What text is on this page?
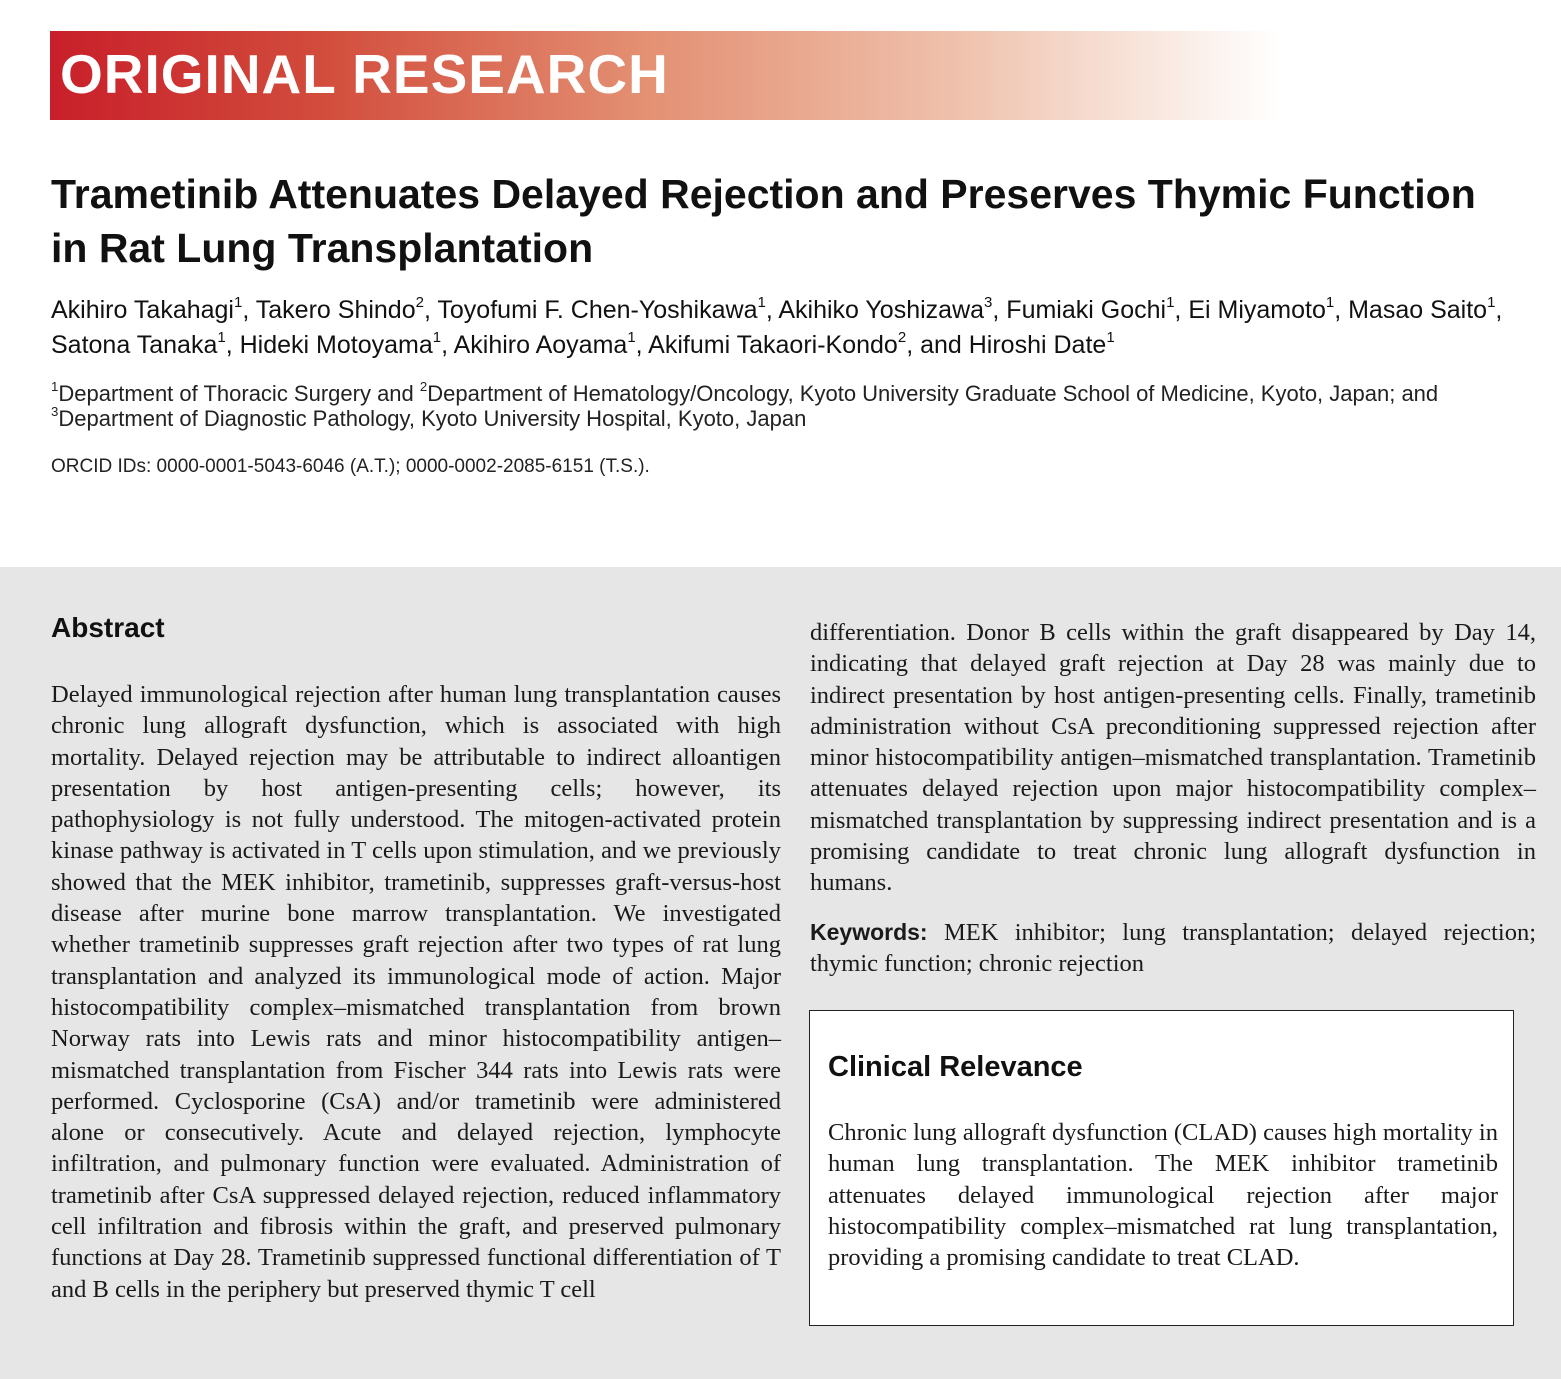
ORIGINAL RESEARCH
Trametinib Attenuates Delayed Rejection and Preserves Thymic Function in Rat Lung Transplantation
Akihiro Takahagi$^1$, Takero Shindo$^2$, Toyofumi F. Chen-Yoshikawa$^1$, Akihiko Yoshizawa$^3$, Fumiaki Gochi$^1$, Ei Miyamoto$^1$, Masao Saito$^1$, Satona Tanaka$^1$, Hideki Motoyama$^1$, Akihiro Aoyama$^1$, Akifumi Takaori-Kondo$^2$, and Hiroshi Date$^1$
$^1$Department of Thoracic Surgery and $^2$Department of Hematology/Oncology, Kyoto University Graduate School of Medicine, Kyoto, Japan; and $^3$Department of Diagnostic Pathology, Kyoto University Hospital, Kyoto, Japan
ORCID IDs: 0000-0001-5043-6046 (A.T.); 0000-0002-2085-6151 (T.S.).
Abstract

Delayed immunological rejection after human lung transplantation causes chronic lung allograft dysfunction, which is associated with high mortality. Delayed rejection may be attributable to indirect alloantigen presentation by host antigen-presenting cells; however, its pathophysiology is not fully understood. The mitogen-activated protein kinase pathway is activated in T cells upon stimulation, and we previously showed that the MEK inhibitor, trametinib, suppresses graft-versus-host disease after murine bone marrow transplantation. We investigated whether trametinib suppresses graft rejection after two types of rat lung transplantation and analyzed its immunological mode of action. Major histocompatibility complex–mismatched transplantation from brown Norway rats into Lewis rats and minor histocompatibility antigen–mismatched transplantation from Fischer 344 rats into Lewis rats were performed. Cyclosporine (CsA) and/or trametinib were administered alone or consecutively. Acute and delayed rejection, lymphocyte infiltration, and pulmonary function were evaluated. Administration of trametinib after CsA suppressed delayed rejection, reduced inflammatory cell infiltration and fibrosis within the graft, and preserved pulmonary functions at Day 28. Trametinib suppressed functional differentiation of T and B cells in the periphery but preserved thymic T cell

differentiation. Donor B cells within the graft disappeared by Day 14, indicating that delayed graft rejection at Day 28 was mainly due to indirect presentation by host antigen-presenting cells. Finally, trametinib administration without CsA preconditioning suppressed rejection after minor histocompatibility antigen–mismatched transplantation. Trametinib attenuates delayed rejection upon major histocompatibility complex–mismatched transplantation by suppressing indirect presentation and is a promising candidate to treat chronic lung allograft dysfunction in humans.

Keywords: MEK inhibitor; lung transplantation; delayed rejection; thymic function; chronic rejection

Clinical Relevance

Chronic lung allograft dysfunction (CLAD) causes high mortality in human lung transplantation. The MEK inhibitor trametinib attenuates delayed immunological rejection after major histocompatibility complex–mismatched rat lung transplantation, providing a promising candidate to treat CLAD.
